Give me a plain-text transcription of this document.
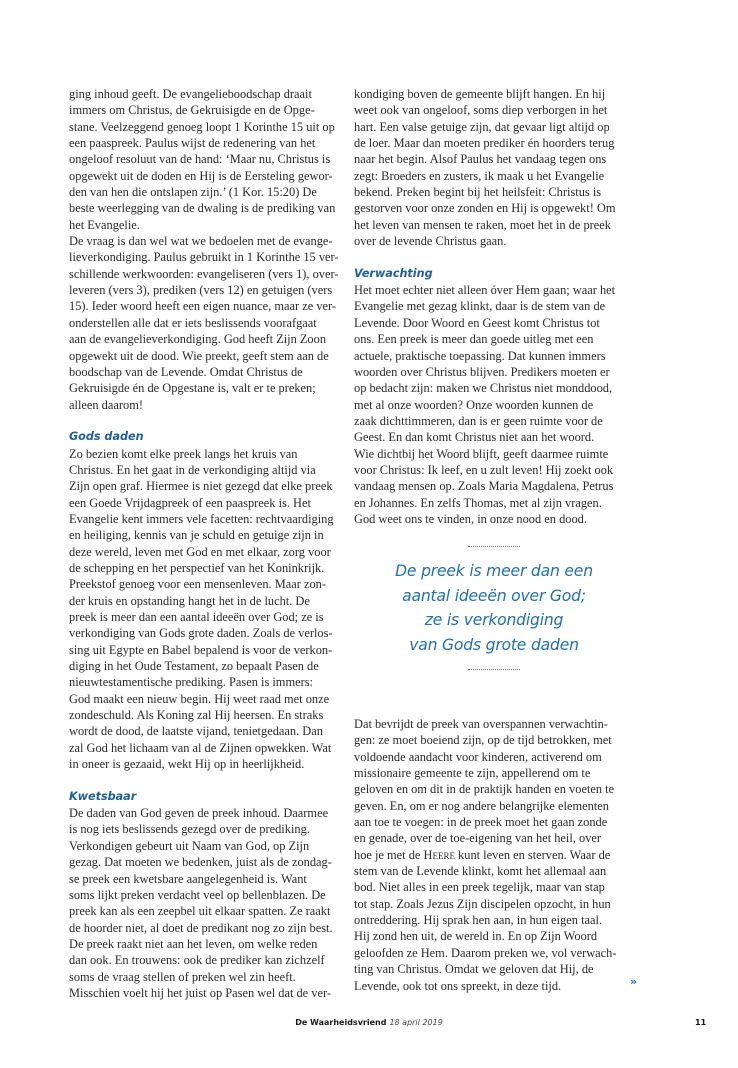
ging inhoud geeft. De evangelieboodschap draait
immers om Christus, de Gekruisigde en de Opge-
stane. Veelzeggend genoeg loopt 1 Korinthe 15 uit op
een paaspreek. Paulus wijst de redenering van het
ongeloof resoluut van de hand: ‘Maar nu, Christus is
opgewekt uit de doden en Hij is de Eersteling gewor-
den van hen die ontslapen zijn.’ (1 Kor. 15:20) De
beste weerlegging van de dwaling is de prediking van
het Evangelie.

De vraag is dan wel wat we bedoelen met de evange-
lieverkondiging. Paulus gebruikt in 1 Korinthe 15 ver-
schillende werkwoorden: evangeliseren (vers 1), over-
leveren (vers 3), prediken (vers 12) en getuigen (vers
15). Ieder woord heeft een eigen nuance, maar ze ver-
onderstellen alle dat er iets beslissends voorafgaat
aan de evangelieverkondiging. God heeft Zijn Zoon
opgewekt uit de dood. Wie preekt, geeft stem aan de
boodschap van de Levende. Omdat Christus de
Gekruisigde én de Opgestane is, valt er te preken;
alleen daarom!

Gods daden

Zo bezien komt elke preek langs het kruis van
Christus. En het gaat in de verkondiging altijd via
Zijn open graf. Hiermee is niet gezegd dat elke preek
een Goede Vrijdagpreek of een paaspreek is. Het
Evangelie kent immers vele facetten: rechtvaardiging
en heiliging, kennis van je schuld en getuige zijn in
deze wereld, leven met God en met elkaar, zorg voor
de schepping en het perspectief van het Koninkrijk.
Preekstof genoeg voor een mensenleven. Maar zon-
der kruis en opstanding hangt het in de lucht. De
preek is meer dan een aantal ideeën over God; ze is
verkondiging van Gods grote daden. Zoals de verlos-
sing uit Egypte en Babel bepalend is voor de verkon-
diging in het Oude Testament, zo bepaalt Pasen de
nieuwtestamentische prediking. Pasen is immers:
God maakt een nieuw begin. Hij weet raad met onze
zondeschuld. Als Koning zal Hij heersen. En straks
wordt de dood, de laatste vijand, tenietgedaan. Dan
zal God het lichaam van al de Zijnen opwekken. Wat
in oneer is gezaaid, wekt Hij op in heerlijkheid.

Kwetsbaar

De daden van God geven de preek inhoud. Daarmee
is nog iets beslissends gezegd over de prediking.
Verkondigen gebeurt uit Naam van God, op Zijn
gezag. Dat moeten we bedenken, juist als de zondag-
se preek een kwetsbare aangelegenheid is. Want
soms lijkt preken verdacht veel op bellenblazen. De
preek kan als een zeepbel uit elkaar spatten. Ze raakt
de hoorder niet, al doet de predikant nog zo zijn best.
De preek raakt niet aan het leven, om welke reden
dan ook. En trouwens: ook de prediker kan zichzelf
soms de vraag stellen of preken wel zin heeft.
Misschien voelt hij het juist op Pasen wel dat de ver-

kondiging boven de gemeente blijft hangen. En hij
weet ook van ongeloof, soms diep verborgen in het
hart. Een valse getuige zijn, dat gevaar ligt altijd op
de loer. Maar dan moeten prediker én hoorders terug
naar het begin. Alsof Paulus het vandaag tegen ons
zegt: Broeders en zusters, ik maak u het Evangelie
bekend. Preken begint bij het heilsfeit: Christus is
gestorven voor onze zonden en Hij is opgewekt! Om
het leven van mensen te raken, moet het in de preek
over de levende Christus gaan.

Verwachting

Het moet echter niet alleen óver Hem gaan; waar het
Evangelie met gezag klinkt, daar is de stem van de
Levende. Door Woord en Geest komt Christus tot
ons. Een preek is meer dan goede uitleg met een
actuele, praktische toepassing. Dat kunnen immers
woorden over Christus blijven. Predikers moeten er
op bedacht zijn: maken we Christus niet monddood,
met al onze woorden? Onze woorden kunnen de
zaak dichttimmeren, dan is er geen ruimte voor de
Geest. En dan komt Christus niet aan het woord.
Wie dichtbij het Woord blijft, geeft daarmee ruimte
voor Christus: Ik leef, en u zult leven! Hij zoekt ook
vandaag mensen op. Zoals Maria Magdalena, Petrus
en Johannes. En zelfs Thomas, met al zijn vragen.
God weet ons te vinden, in onze nood en dood.

De preek is meer dan een
aantal ideeën over God;
ze is verkondiging
van Gods grote daden

Dat bevrijdt de preek van overspannen verwachtin-
gen: ze moet boeiend zijn, op de tijd betrokken, met
voldoende aandacht voor kinderen, activerend om
missionaire gemeente te zijn, appellerend om te
geloven en om dit in de praktijk handen en voeten te
geven. En, om er nog andere belangrijke elementen
aan toe te voegen: in de preek moet het gaan zonde
en genade, over de toe-eigening van het heil, over
hoe je met de Heere kunt leven en sterven. Waar de
stem van de Levende klinkt, komt het allemaal aan
bod. Niet alles in een preek tegelijk, maar van stap
tot stap. Zoals Jezus Zijn discipelen opzocht, in hun
ontreddering. Hij sprak hen aan, in hun eigen taal.
Hij zond hen uit, de wereld in. En op Zijn Woord
geloofden ze Hem. Daarom preken we, vol verwach-
ting van Christus. Omdat we geloven dat Hij, de
Levende, ook tot ons spreekt, in deze tijd.	»
De Waarheidsvriend 18 april 2019	11
